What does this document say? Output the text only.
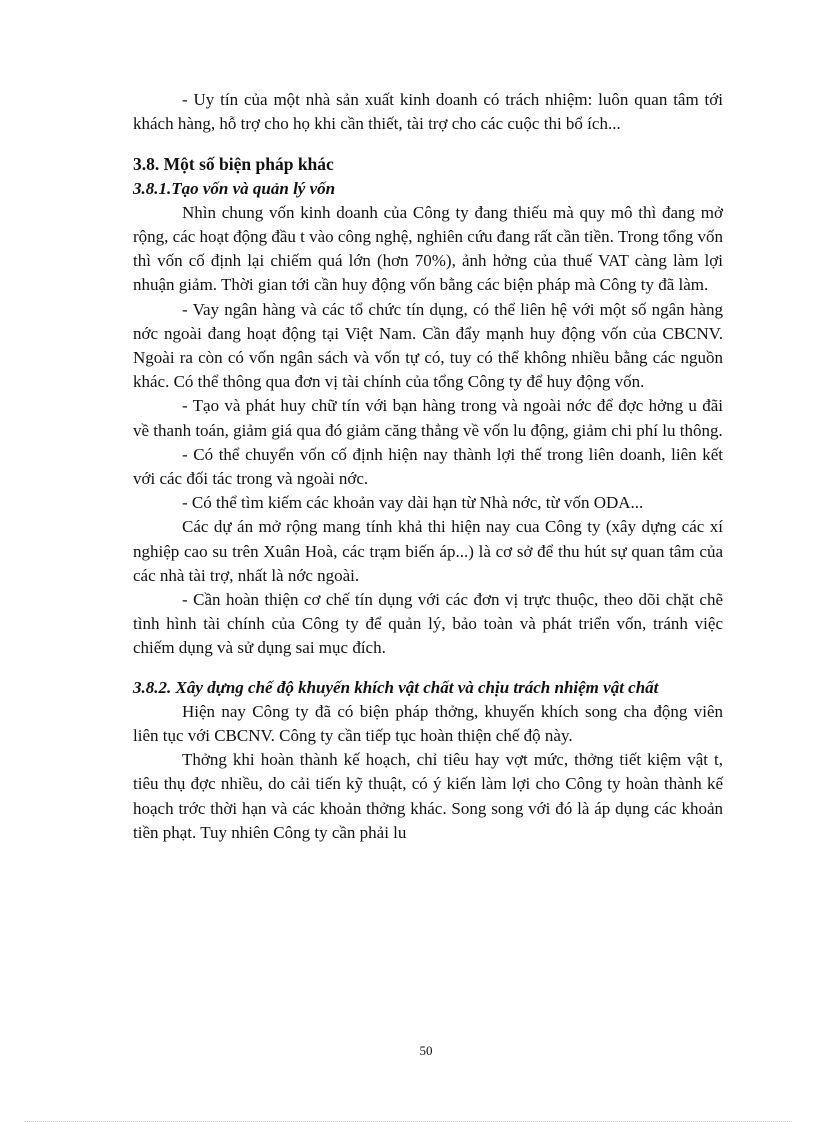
- Uy tín của một nhà sản xuất kinh doanh có trách nhiệm: luôn quan tâm tới khách hàng, hỗ trợ cho họ khi cần thiết, tài trợ cho các cuộc thi bổ ích...

3.8. Một số biện pháp khác

3.8.1.Tạo vốn và quản lý vốn

Nhìn chung vốn kinh doanh của Công ty đang thiếu mà quy mô thì đang mở rộng, các hoạt động đầu t vào công nghệ, nghiên cứu đang rất cần tiền. Trong tổng vốn thì vốn cố định lại chiếm quá lớn (hơn 70%), ảnh hởng của thuế VAT càng làm lợi nhuận giảm. Thời gian tới cần huy động vốn bằng các biện pháp mà Công ty đã làm.

- Vay ngân hàng và các tổ chức tín dụng, có thể liên hệ với một số ngân hàng nớc ngoài đang hoạt động tại Việt Nam. Cần đẩy mạnh huy động vốn của CBCNV. Ngoài ra còn có vốn ngân sách và vốn tự có, tuy có thể không nhiều bằng các nguồn khác. Có thể thông qua đơn vị tài chính của tổng Công ty để huy động vốn.

- Tạo và phát huy chữ tín với bạn hàng trong và ngoài nớc để đợc hởng u đãi về thanh toán, giảm giá qua đó giảm căng thẳng về vốn lu động, giảm chi phí lu thông.

- Có thể chuyển vốn cố định hiện nay thành lợi thế trong liên doanh, liên kết với các đối tác trong và ngoài nớc.

- Có thể tìm kiếm các khoản vay dài hạn từ Nhà nớc, từ vốn ODA...

Các dự án mở rộng mang tính khả thi hiện nay cua Công ty (xây dựng các xí nghiệp cao su trên Xuân Hoà, các trạm biến áp...) là cơ sở để thu hút sự quan tâm của các nhà tài trợ, nhất là nớc ngoài.

- Cần hoàn thiện cơ chế tín dụng với các đơn vị trực thuộc, theo dõi chặt chẽ tình hình tài chính của Công ty để quản lý, bảo toàn và phát triển vốn, tránh việc chiếm dụng và sử dụng sai mục đích.

3.8.2. Xây dựng chế độ khuyến khích vật chất và chịu trách nhiệm vật chất

Hiện nay Công ty đã có biện pháp thởng, khuyến khích song cha động viên liên tục với CBCNV. Công ty cần tiếp tục hoàn thiện chế độ này.

Thởng khi hoàn thành kế hoạch, chỉ tiêu hay vợt mức, thởng tiết kiệm vật t, tiêu thụ đợc nhiều, do cải tiến kỹ thuật, có ý kiến làm lợi cho Công ty hoàn thành kế hoạch trớc thời hạn và các khoản thởng khác. Song song với đó là áp dụng các khoản tiền phạt. Tuy nhiên Công ty cần phải lu

50
